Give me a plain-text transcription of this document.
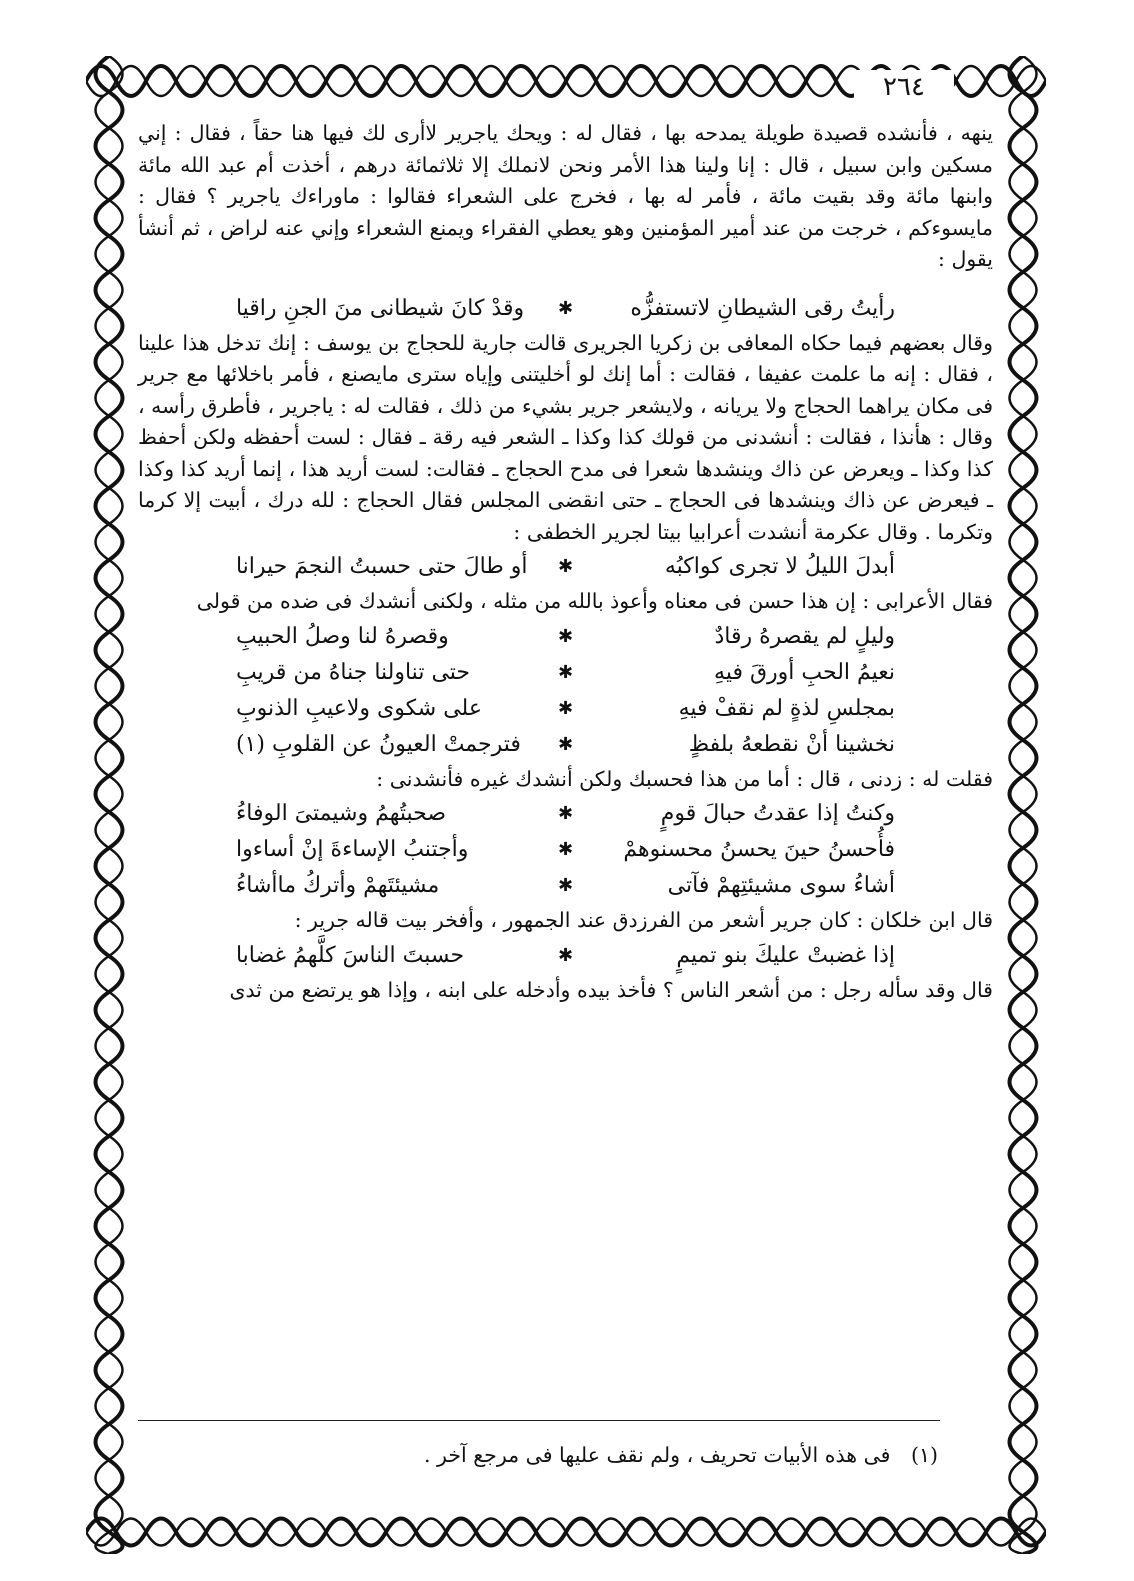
٢٦٤

ينهه ، فأنشده قصيدة طويلة يمدحه بها ، فقال له : ويحك ياجرير لاأرى لك فيها هنا حقاً ، فقال : إني مسكين وابن سبيل ، قال : إنا ولينا هذا الأمر ونحن لانملك إلا ثلاثمائة درهم ، أخذت أم عبد الله مائة وابنها مائة وقد بقيت مائة ، فأمر له بها ، فخرج على الشعراء فقالوا : ماوراءك ياجرير ؟ فقال : مايسوءكم ، خرجت من عند أمير المؤمنين وهو يعطي الفقراء ويمنع الشعراء وإني عنه لراض ، ثم أنشأ يقول :

رأيتُ رقى الشيطانِ لاتستفزُّه
✱
وقدْ كانَ شيطانى منَ الجنِ راقيا

وقال بعضهم فيما حكاه المعافى بن زكريا الجريرى قالت جارية للحجاج بن يوسف : إنك تدخل هذا علينا ، فقال : إنه ما علمت عفيفا ، فقالت : أما إنك لو أخليتنى وإياه سترى مايصنع ، فأمر باخلائها مع جرير فى مكان يراهما الحجاج ولا يريانه ، ولايشعر جرير بشيء من ذلك ، فقالت له : ياجرير ، فأطرق رأسه ، وقال : هأنذا ، فقالت : أنشدنى من قولك كذا وكذا ـ الشعر فيه رقة ـ فقال : لست أحفظه ولكن أحفظ كذا وكذا ـ ويعرض عن ذاك وينشدها شعرا فى مدح الحجاج ـ فقالت: لست أريد هذا ، إنما أريد كذا وكذا ـ فيعرض عن ذاك وينشدها فى الحجاج ـ حتى انقضى المجلس فقال الحجاج : لله درك ، أبيت إلا كرما وتكرما . وقال عكرمة أنشدت أعرابيا بيتا لجرير الخطفى :

أبدلَ الليلُ لا تجرى كواكبُه
✱
أو طالَ حتى حسبتُ النجمَ حيرانا

فقال الأعرابى : إن هذا حسن فى معناه وأعوذ بالله من مثله ، ولكنى أنشدك فى ضده من قولى

وليلٍ لم يقصرهُ رقادٌ
✱
وقصرهُ لنا وصلُ الحبيبِ
نعيمُ الحبِ أورقَ فيهِ
✱
حتى تناولنا جناهُ من قريبِ
بمجلسِ لذةٍ لم نقفْ فيهِ
✱
على شكوى ولاعيبِ الذنوبِ
نخشينا أنْ نقطعهُ بلفظٍ
✱
فترجمتْ العيونُ عن القلوبِ (١)

فقلت له : زدنى ، قال : أما من هذا فحسبك ولكن أنشدك غيره فأنشدنى :

وكنتُ إذا عقدتُ حبالَ قومٍ
✱
صحبتُهمُ وشيمتىَ الوفاءُ
فأُحسنُ حينَ يحسنُ محسنوهمْ
✱
وأجتنبُ الإساءةَ إنْ أساءوا
أشاءُ سوى مشيئتِهمْ فآتى
✱
مشيئتَهمْ وأتركُ ماأشاءُ

قال ابن خلكان : كان جرير أشعر من الفرزدق عند الجمهور ، وأفخر بيت قاله جرير :

إذا غضبتْ عليكَ بنو تميمٍ
✱
حسبتَ الناسَ كلَّهمُ غضابا

قال وقد سأله رجل : من أشعر الناس ؟ فأخذ بيده وأدخله على ابنه ، وإذا هو يرتضع من ثدى

(١) فى هذه الأبيات تحريف ، ولم نقف عليها فى مرجع آخر .
